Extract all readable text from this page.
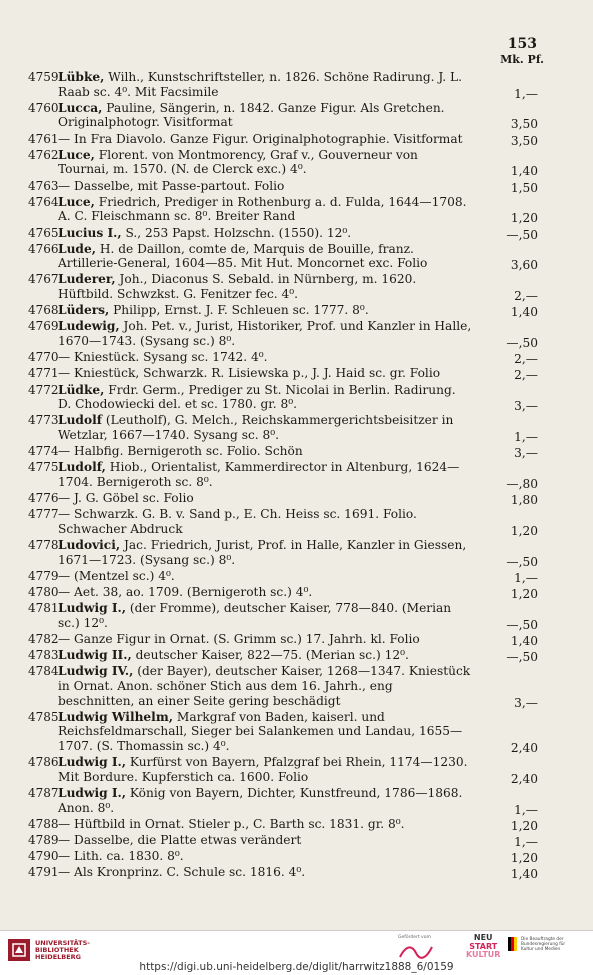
153
Mk. Pf.
4759 Lübke, Wilh., Kunstschriftsteller, n. 1826. Schöne Radirung. J. L. Raab sc. 4⁰. Mit Facsimile	1,—
4760 Lucca, Pauline, Sängerin, n. 1842. Ganze Figur. Als Gretchen. Originalphotogr. Visitformat	3,50
4761 — In Fra Diavolo. Ganze Figur. Originalphotographie. Visitformat	3,50
4762 Luce, Florent. von Montmorency, Graf v., Gouverneur von Tournai, m. 1570. (N. de Clerck exc.) 4⁰.	1,40
4763 — Dasselbe, mit Passe-partout. Folio	1,50
4764 Luce, Friedrich, Prediger in Rothenburg a. d. Fulda, 1644—1708. A. C. Fleischmann sc. 8⁰. Breiter Rand	1,20
4765 Lucius I., S., 253 Papst. Holzschn. (1550). 12⁰.	—,50
4766 Lude, H. de Daillon, comte de, Marquis de Bouille, franz. Artillerie-General, 1604—85. Mit Hut. Moncornet exc. Folio	3,60
4767 Luderer, Joh., Diaconus S. Sebald. in Nürnberg, m. 1620. Hüftbild. Schwzkst. G. Fenitzer fec. 4⁰.	2,—
4768 Lüders, Philipp, Ernst. J. F. Schleuen sc. 1777. 8⁰.	1,40
4769 Ludewig, Joh. Pet. v., Jurist, Historiker, Prof. und Kanzler in Halle, 1670—1743. (Sysang sc.) 8⁰.	—,50
4770 — Kniestück. Sysang sc. 1742. 4⁰.	2,—
4771 — Kniestück, Schwarzk. R. Lisiewska p., J. J. Haid sc. gr. Folio	2,—
4772 Lüdke, Frdr. Germ., Prediger zu St. Nicolai in Berlin. Radirung. D. Chodowiecki del. et sc. 1780. gr. 8⁰.	3,—
4773 Ludolf (Leutholf), G. Melch., Reichskammergerichtsbeisitzer in Wetzlar, 1667—1740. Sysang sc. 8⁰.	1,—
4774 — Halbfig. Bernigeroth sc. Folio. Schön	3,—
4775 Ludolf, Hiob., Orientalist, Kammerdirector in Altenburg, 1624—1704. Bernigeroth sc. 8⁰.	—,80
4776 — J. G. Göbel sc. Folio	1,80
4777 — Schwarzk. G. B. v. Sand p., E. Ch. Heiss sc. 1691. Folio. Schwacher Abdruck	1,20
4778 Ludovici, Jac. Friedrich, Jurist, Prof. in Halle, Kanzler in Giessen, 1671—1723. (Sysang sc.) 8⁰.	—,50
4779 — (Mentzel sc.) 4⁰.	1,—
4780 — Aet. 38, ao. 1709. (Bernigeroth sc.) 4⁰.	1,20
4781 Ludwig I., (der Fromme), deutscher Kaiser, 778—840. (Merian sc.) 12⁰.	—,50
4782 — Ganze Figur in Ornat. (S. Grimm sc.) 17. Jahrh. kl. Folio	1,40
4783 Ludwig II., deutscher Kaiser, 822—75. (Merian sc.) 12⁰.	—,50
4784 Ludwig IV., (der Bayer), deutscher Kaiser, 1268—1347. Kniestück in Ornat. Anon. schöner Stich aus dem 16. Jahrh., eng beschnitten, an einer Seite gering beschädigt	3,—
4785 Ludwig Wilhelm, Markgraf von Baden, kaiserl. und Reichsfeldmarschall, Sieger bei Salankemen und Landau, 1655—1707. (S. Thomassin sc.) 4⁰.	2,40
4786 Ludwig I., Kurfürst von Bayern, Pfalzgraf bei Rhein, 1174—1230. Mit Bordure. Kupferstich ca. 1600. Folio	2,40
4787 Ludwig I., König von Bayern, Dichter, Kunstfreund, 1786—1868. Anon. 8⁰.	1,—
4788 — Hüftbild in Ornat. Stieler p., C. Barth sc. 1831. gr. 8⁰.	1,20
4789 — Dasselbe, die Platte etwas verändert	1,—
4790 — Lith. ca. 1830. 8⁰.	1,20
4791 — Als Kronprinz. C. Schule sc. 1816. 4⁰.	1,40
UNIVERSITÄTS-
BIBLIOTHEK
HEIDELBERG
Gefördert vom	NEU
START
KULTUR
Die Beauftragte der Bundesregierung für Kultur und Medien
https://digi.ub.uni-heidelberg.de/diglit/harrwitz1888_6/0159
